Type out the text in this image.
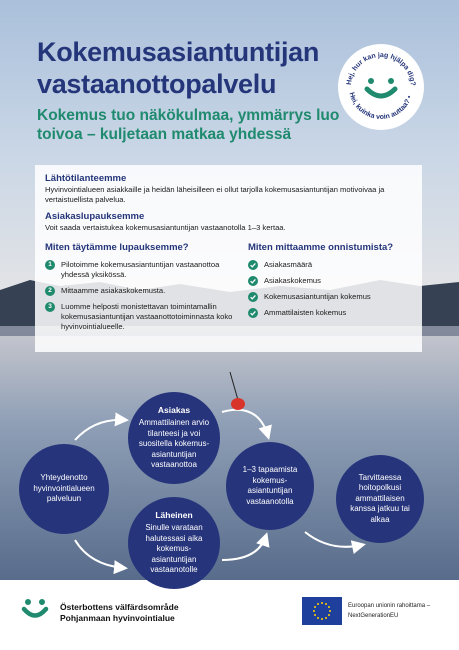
Kokemusasiantuntijan
vastaanottopalvelu
Kokemus tuo näkökulmaa, ymmärrys luo toivoa – kuljetaan matkaa yhdessä
Hej, hur kan jag hjälpa dig?
Hei, kuinka voin auttaa? •
Lähtötilanteemme
Hyvinvointialueen asiakkaille ja heidän läheisilleen ei ollut tarjolla kokemusasiantuntijan motivoivaa ja vertaistuellista palvelua.
Asiakaslupauksemme
Voit saada vertaistukea kokemusasiantuntijan vastaanotolla 1–3 kertaa.
Miten täytämme lupauksemme?
1	Pilotoimme kokemusasiantuntijan vastaanottoa yhdessä yksikössä.
2	Mittaamme asiakaskokemusta.
3	Luomme helposti monistettavan toimintamallin kokemusasiantuntijan vastaanottotoiminnasta koko hyvinvointialueelle.
Miten mittaamme onnistumista?
Asiakasmäärä
Asiakaskokemus
Kokemusasiantuntijan kokemus
Ammattilaisten kokemus
Yhteydenotto hyvinvointialueen palveluun
Asiakas
Ammattilainen arvio tilanteesi ja voi suositella kokemus-asiantuntijan vastaanottoa
Läheinen
Sinulle varataan halutessasi aika kokemus-asiantuntijan vastaanotolle
1–3 tapaamista kokemus-asiantuntijan vastaanotolla
Tarvittaessa hoitopolkusi ammattilaisen kanssa jatkuu tai alkaa
Österbottens välfärdsområde
Pohjanmaan hyvinvointialue
Euroopan unionin rahoittama –
NextGenerationEU
